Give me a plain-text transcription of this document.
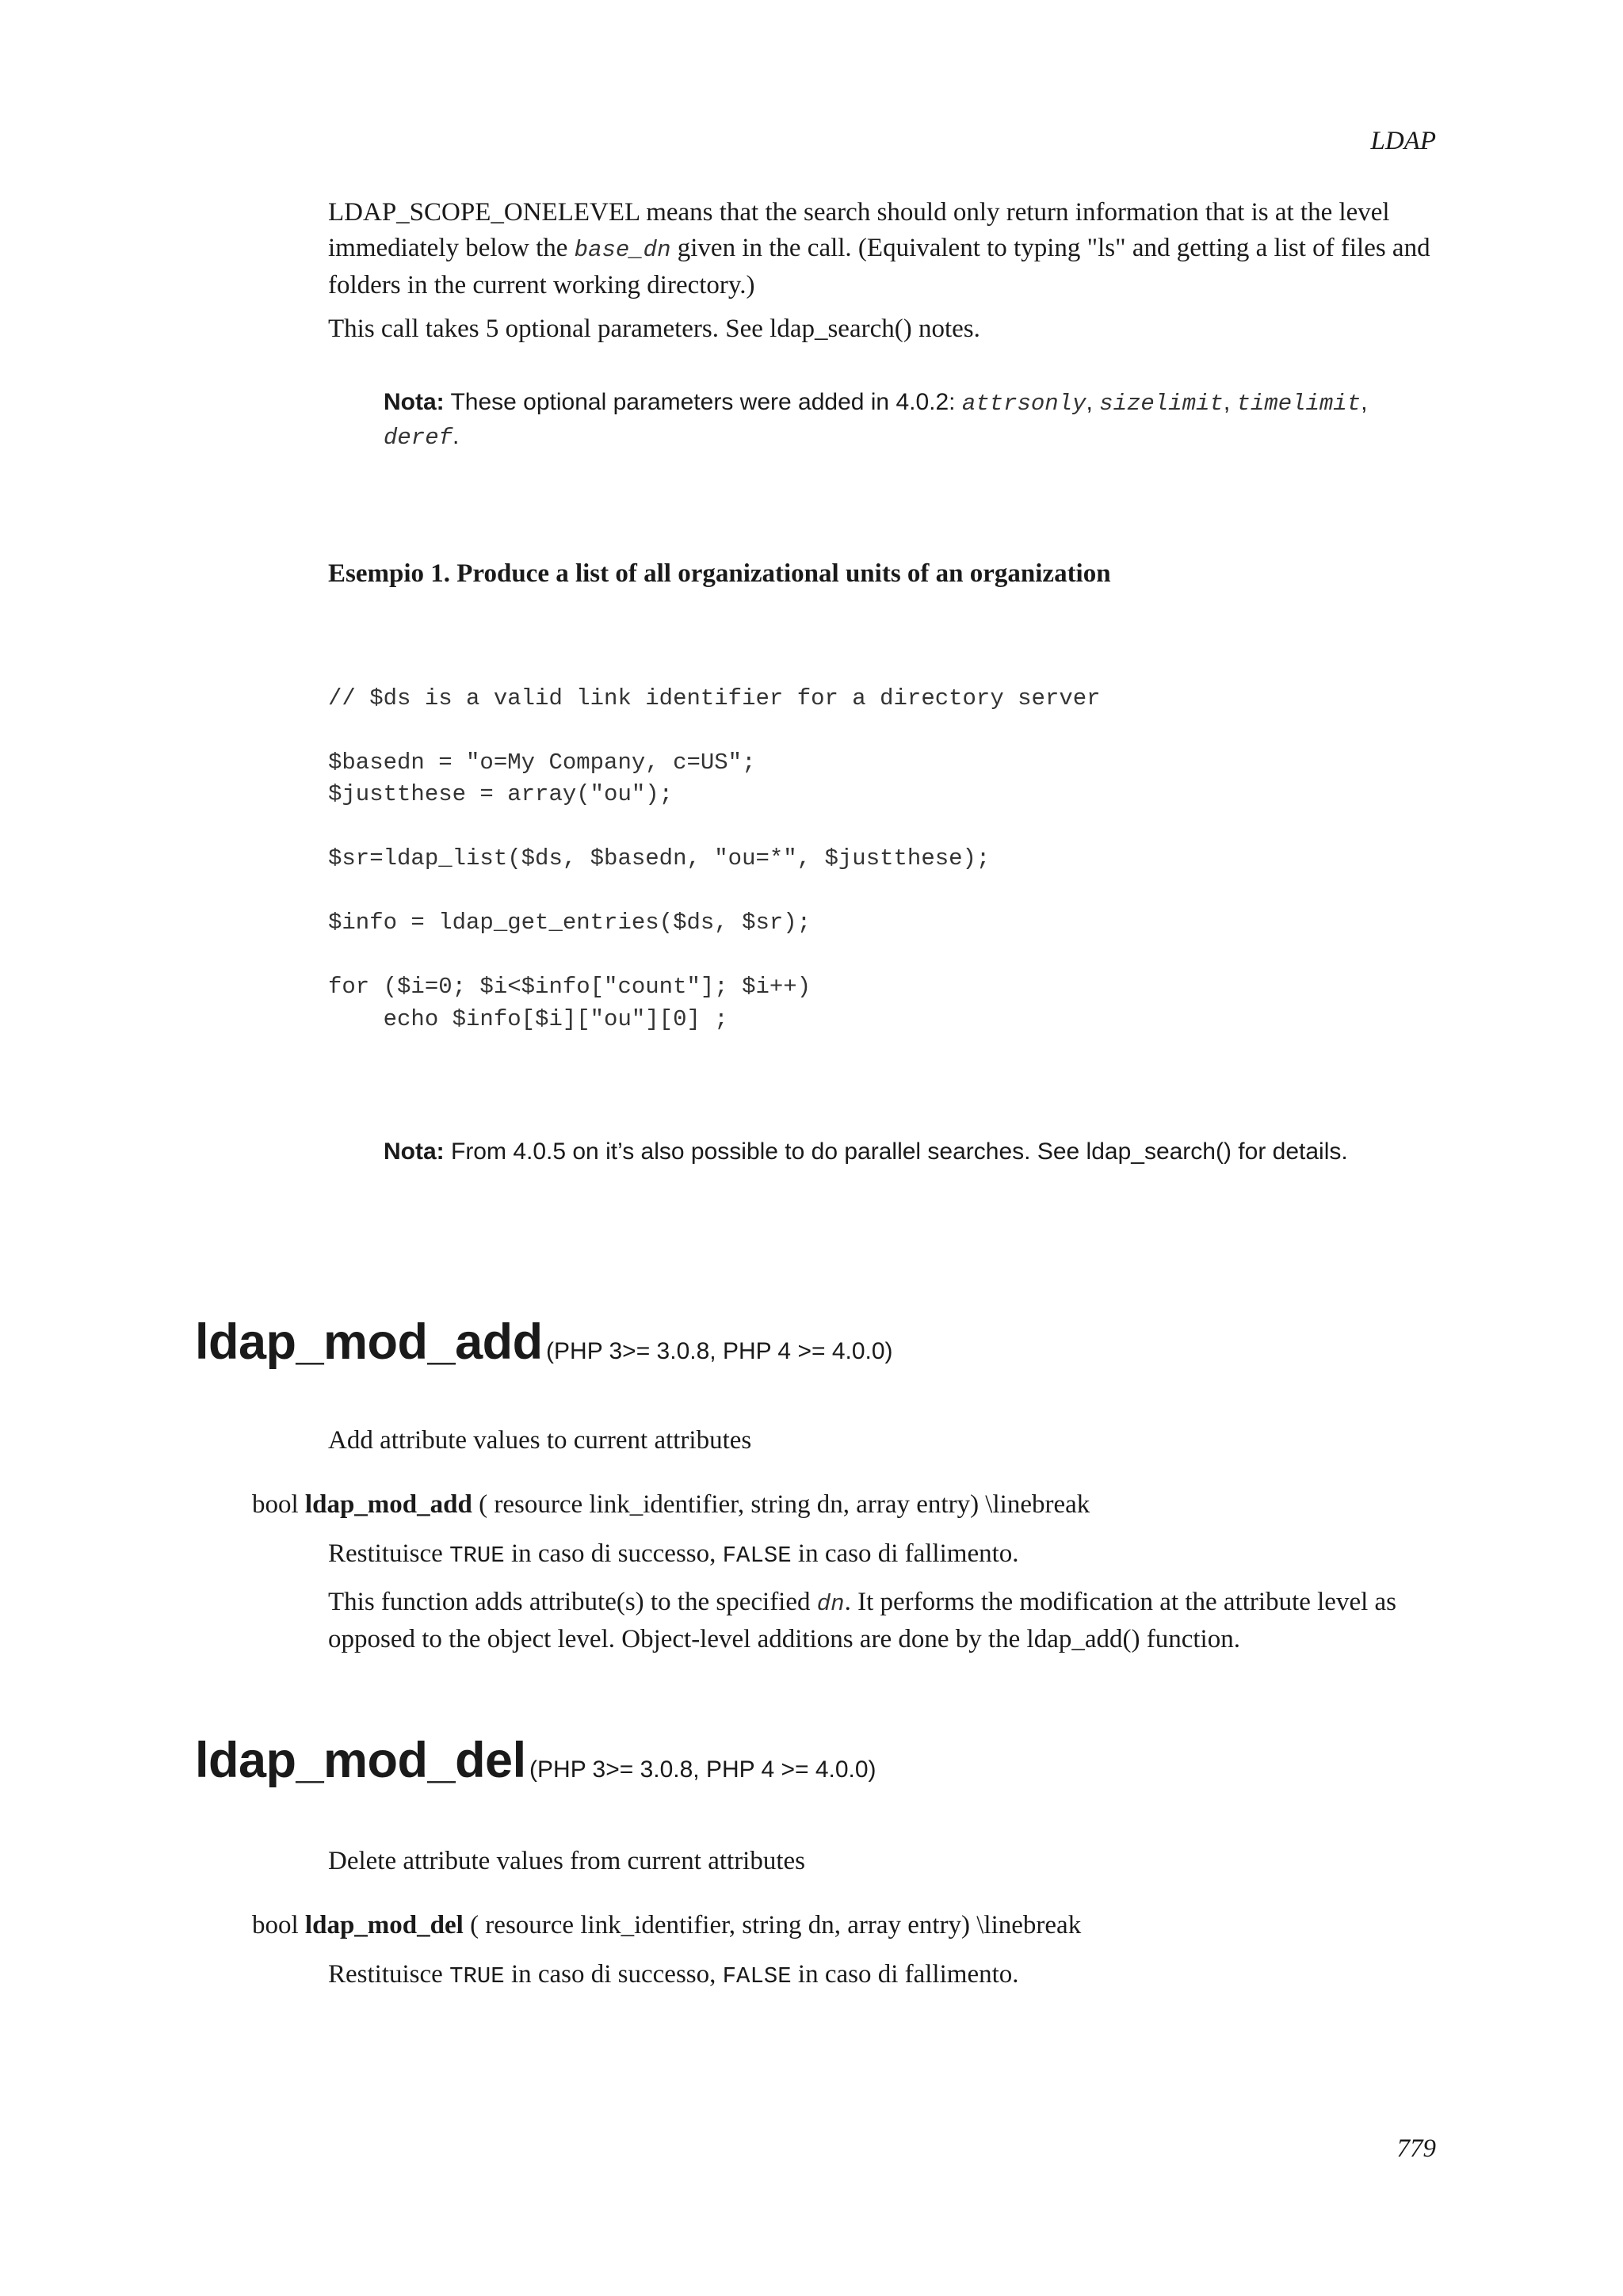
LDAP
LDAP_SCOPE_ONELEVEL means that the search should only return information that is at the level immediately below the base_dn given in the call. (Equivalent to typing "ls" and getting a list of files and folders in the current working directory.)
This call takes 5 optional parameters. See ldap_search() notes.
Nota: These optional parameters were added in 4.0.2: attrsonly, sizelimit, timelimit, deref.
Esempio 1. Produce a list of all organizational units of an organization

// $ds is a valid link identifier for a directory server
$basedn = "o=My Company, c=US";
$justthese = array("ou");
$sr=ldap_list($ds, $basedn, "ou=*", $justthese);
$info = ldap_get_entries($ds, $sr);
for ($i=0; $i<$info["count"]; $i++)
echo $info[$i]["ou"][0] ;

Nota: From 4.0.5 on it’s also possible to do parallel searches. See ldap_search() for details.
ldap_mod_add (PHP 3>= 3.0.8, PHP 4 >= 4.0.0)
Add attribute values to current attributes
bool ldap_mod_add ( resource link_identifier, string dn, array entry) \linebreak
Restituisce TRUE in caso di successo, FALSE in caso di fallimento.
This function adds attribute(s) to the specified dn. It performs the modification at the attribute level as opposed to the object level. Object-level additions are done by the ldap_add() function.
ldap_mod_del (PHP 3>= 3.0.8, PHP 4 >= 4.0.0)
Delete attribute values from current attributes
bool ldap_mod_del ( resource link_identifier, string dn, array entry) \linebreak
Restituisce TRUE in caso di successo, FALSE in caso di fallimento.
779
